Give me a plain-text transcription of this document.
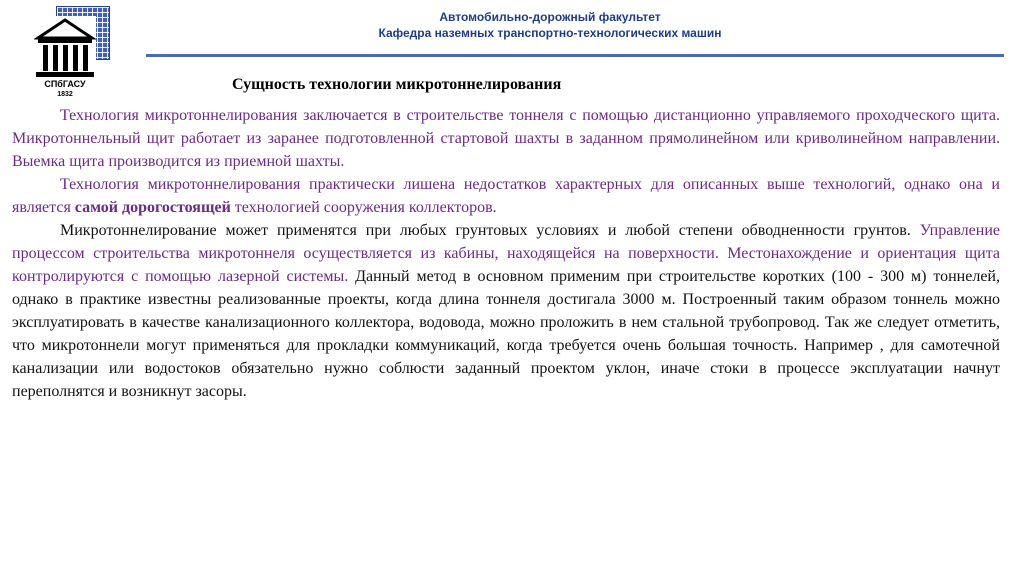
СПбГАСУ
1832
Автомобильно-дорожный факультет
Кафедра наземных транспортно-технологических машин
Сущность технологии микротоннелирования

Технология микротоннелирования заключается в строительстве тоннеля с помощью дистанционно управляемого проходческого щита. Микротоннельный щит работает из заранее подготовленной стартовой шахты в заданном прямолинейном или криволинейном направлении. Выемка щита производится из приемной шахты.

Технология микротоннелирования практически лишена недостатков характерных для описанных выше технологий, однако она и является самой дорогостоящей технологией сооружения коллекторов.

Микротоннелирование может применятся при любых грунтовых условиях и любой степени обводненности грунтов. Управление процессом строительства микротоннеля осуществляется из кабины, находящейся на поверхности. Местонахождение и ориентация щита контролируются с помощью лазерной системы. Данный метод в основном применим при строительстве коротких (100 - 300 м) тоннелей, однако в практике известны реализованные проекты, когда длина тоннеля достигала 3000 м. Построенный таким образом тоннель можно эксплуатировать в качестве канализационного коллектора, водовода, можно проложить в нем стальной трубопровод. Так же следует отметить, что микротоннели могут применяться для прокладки коммуникаций, когда требуется очень большая точность. Например , для самотечной канализации или водостоков обязательно нужно соблюсти заданный проектом уклон, иначе стоки в процессе эксплуатации начнут переполнятся и возникнут засоры.
